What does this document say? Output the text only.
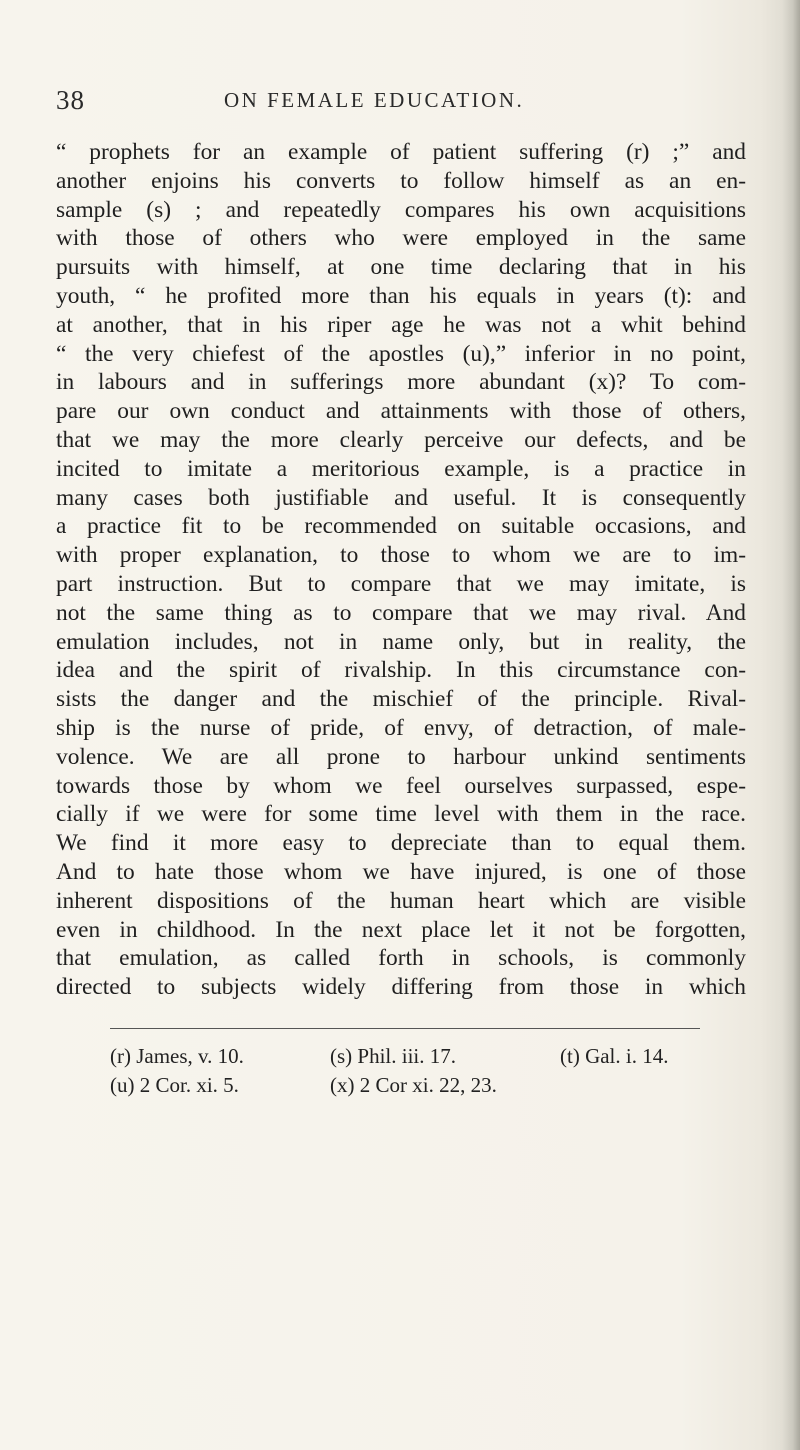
38	ON FEMALE EDUCATION.
“ prophets for an example of patient suffering (r) ;” and
another enjoins his converts to follow himself as an en-
sample (s) ; and repeatedly compares his own acquisitions
with those of others who were employed in the same
pursuits with himself, at one time declaring that in his
youth, “ he profited more than his equals in years (t): and
at another, that in his riper age he was not a whit behind
“ the very chiefest of the apostles (u),” inferior in no point,
in labours and in sufferings more abundant (x)? To com-
pare our own conduct and attainments with those of others,
that we may the more clearly perceive our defects, and be
incited to imitate a meritorious example, is a practice in
many cases both justifiable and useful. It is consequently
a practice fit to be recommended on suitable occasions, and
with proper explanation, to those to whom we are to im-
part instruction. But to compare that we may imitate, is
not the same thing as to compare that we may rival. And
emulation includes, not in name only, but in reality, the
idea and the spirit of rivalship. In this circumstance con-
sists the danger and the mischief of the principle. Rival-
ship is the nurse of pride, of envy, of detraction, of male-
volence. We are all prone to harbour unkind sentiments
towards those by whom we feel ourselves surpassed, espe-
cially if we were for some time level with them in the race.
We find it more easy to depreciate than to equal them.
And to hate those whom we have injured, is one of those
inherent dispositions of the human heart which are visible
even in childhood. In the next place let it not be forgotten,
that emulation, as called forth in schools, is commonly
directed to subjects widely differing from those in which
(r) James, v. 10.	(s) Phil. iii. 17.	(t) Gal. i. 14.
(u) 2 Cor. xi. 5.	(x) 2 Cor xi. 22, 23.
